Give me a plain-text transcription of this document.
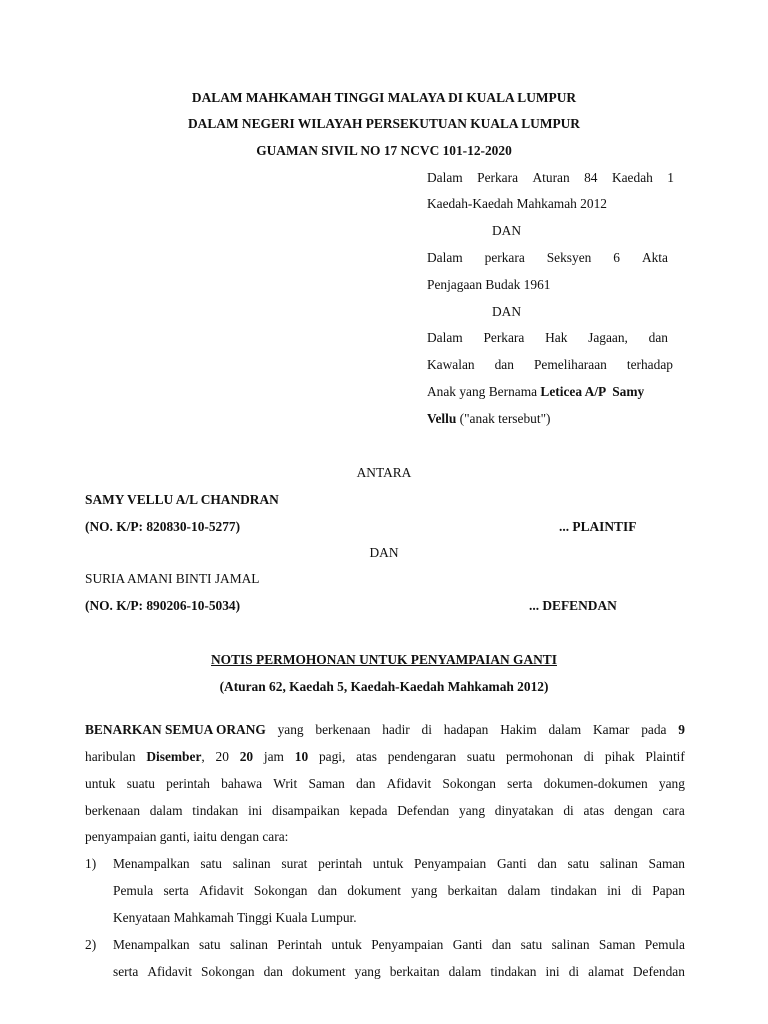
DALAM MAHKAMAH TINGGI MALAYA DI KUALA LUMPUR
DALAM NEGERI WILAYAH PERSEKUTUAN KUALA LUMPUR
GUAMAN SIVIL NO 17 NCVC 101-12-2020
Dalam Perkara Aturan 84 Kaedah 1
Kaedah-Kaedah Mahkamah 2012
DAN
Dalam perkara Seksyen 6 Akta
Penjagaan Budak 1961
DAN
Dalam Perkara Hak Jagaan, dan
Kawalan dan Pemeliharaan terhadap
Anak yang Bernama Leticea A/P  Samy
Vellu ("anak tersebut")
ANTARA
SAMY VELLU A/L CHANDRAN
(NO. K/P: 820830-10-5277)	... PLAINTIF
DAN
SURIA AMANI BINTI JAMAL
(NO. K/P: 890206-10-5034)	... DEFENDAN
NOTIS PERMOHONAN UNTUK PENYAMPAIAN GANTI
(Aturan 62, Kaedah 5, Kaedah-Kaedah Mahkamah 2012)
BENARKAN SEMUA ORANG yang berkenaan hadir di hadapan Hakim dalam Kamar pada 9
haribulan Disember, 20 20 jam 10 pagi, atas pendengaran suatu permohonan di pihak Plaintif
untuk suatu perintah bahawa Writ Saman dan Afidavit Sokongan serta dokumen-dokumen yang
berkenaan dalam tindakan ini disampaikan kepada Defendan yang dinyatakan di atas dengan cara
penyampaian ganti, iaitu dengan cara:
1) Menampalkan satu salinan surat perintah untuk Penyampaian Ganti dan satu salinan Saman
Pemula serta Afidavit Sokongan dan dokument yang berkaitan dalam tindakan ini di Papan
Kenyataan Mahkamah Tinggi Kuala Lumpur.
2) Menampalkan satu salinan Perintah untuk Penyampaian Ganti dan satu salinan Saman Pemula
serta Afidavit Sokongan dan dokument yang berkaitan dalam tindakan ini di alamat Defendan
